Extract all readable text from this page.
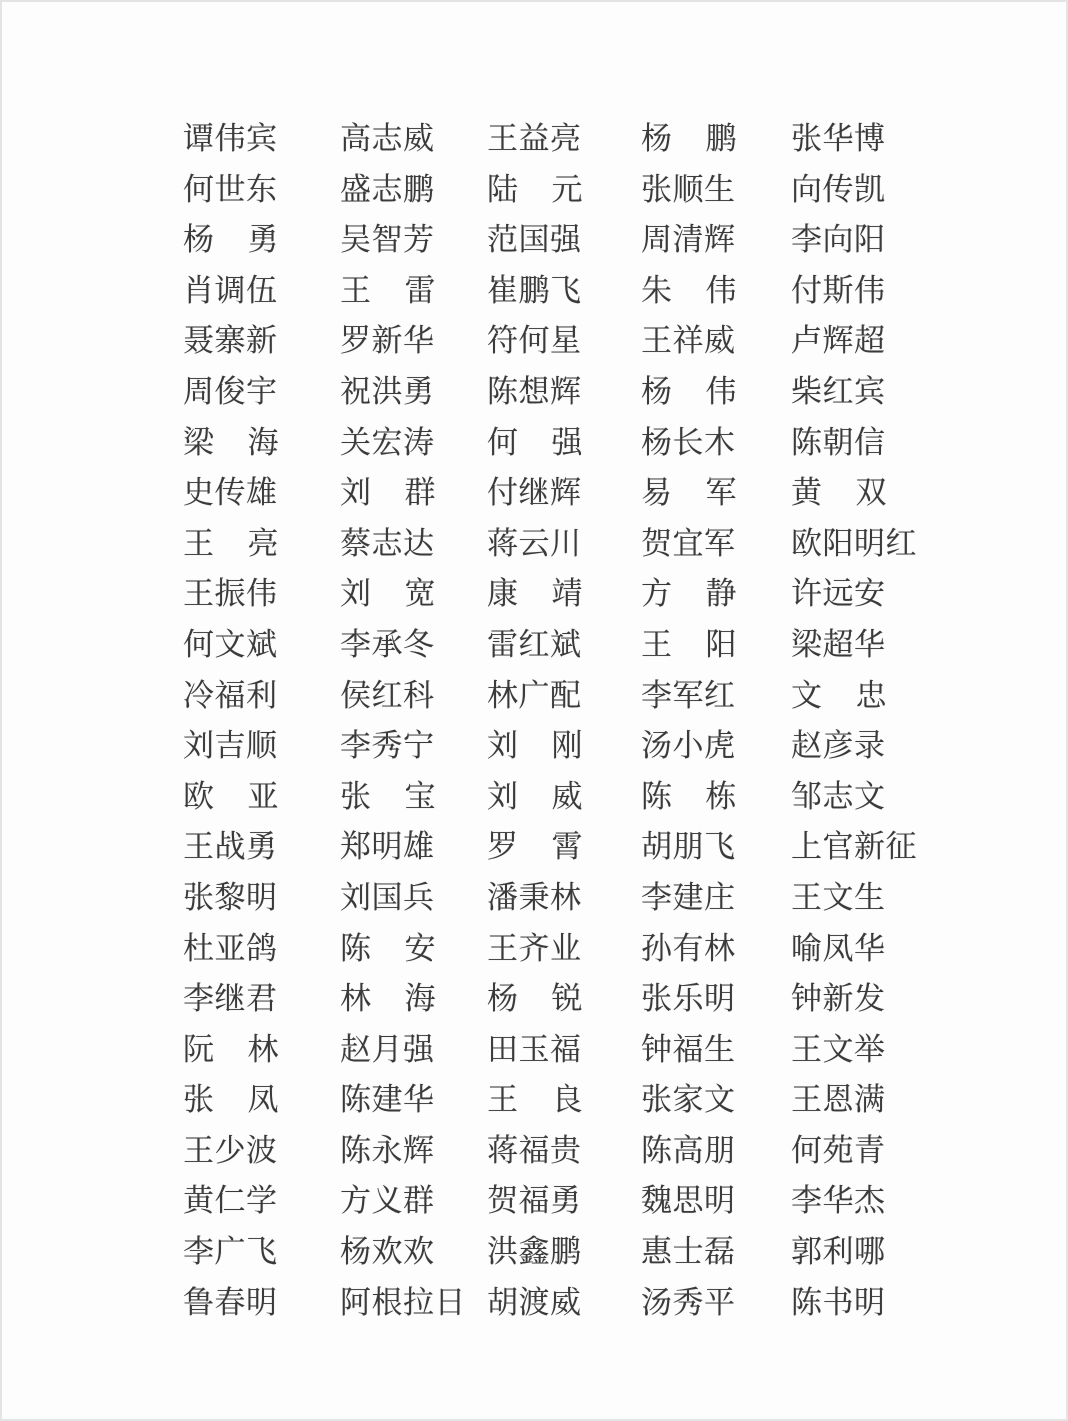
谭伟宾 高志威 王益亮 杨 鹏 张华博
何世东 盛志鹏 陆 元 张顺生 向传凯
杨 勇 吴智芳 范国强 周清辉 李向阳
肖调伍 王 雷 崔鹏飞 朱 伟 付斯伟
聂寨新 罗新华 符何星 王祥威 卢辉超
周俊宇 祝洪勇 陈想辉 杨 伟 柴红宾
梁 海 关宏涛 何 强 杨长木 陈朝信
史传雄 刘 群 付继辉 易 军 黄 双
王 亮 蔡志达 蒋云川 贺宜军 欧阳明红
王振伟 刘 宽 康 靖 方 静 许远安
何文斌 李承冬 雷红斌 王 阳 梁超华
冷福利 侯红科 林广配 李军红 文 忠
刘吉顺 李秀宁 刘 刚 汤小虎 赵彦录
欧 亚 张 宝 刘 威 陈 栋 邹志文
王战勇 郑明雄 罗 霄 胡朋飞 上官新征
张黎明 刘国兵 潘秉林 李建庄 王文生
杜亚鸽 陈 安 王齐业 孙有林 喻凤华
李继君 林 海 杨 锐 张乐明 钟新发
阮 林 赵月强 田玉福 钟福生 王文举
张 凤 陈建华 王 良 张家文 王恩满
王少波 陈永辉 蒋福贵 陈高朋 何苑青
黄仁学 方义群 贺福勇 魏思明 李华杰
李广飞 杨欢欢 洪鑫鹏 惠士磊 郭利哪
鲁春明 阿根拉日 胡渡威 汤秀平 陈书明
